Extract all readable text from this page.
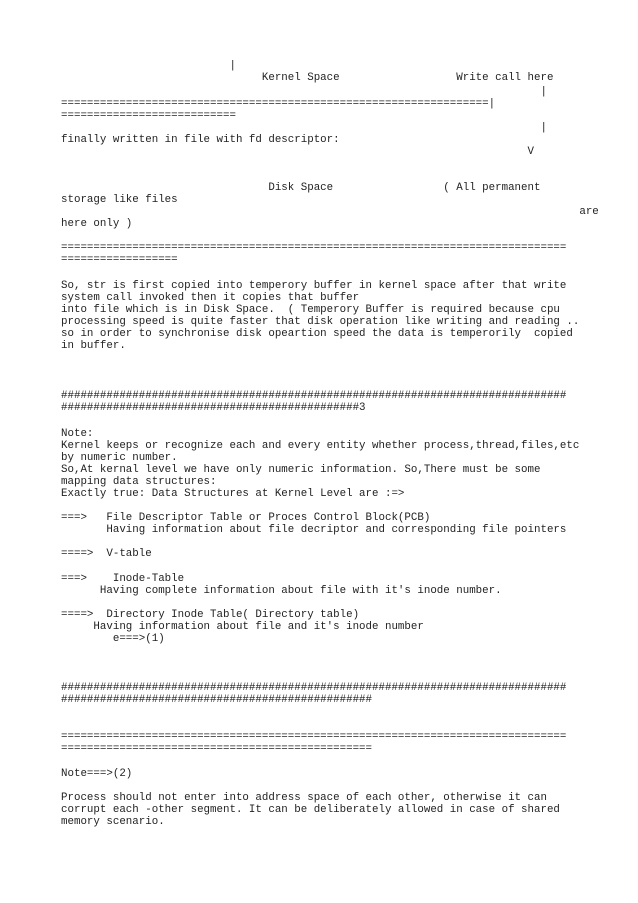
|

Kernel Space                  Write call here

|

==================================================================|

===========================

|

finally written in file with fd descriptor:

V

Disk Space                 ( All permanent

storage like files

are

here only )

==============================================================================

==================

So, str is first copied into temperory buffer in kernel space after that write

system call invoked then it copies that buffer

into file which is in Disk Space.  ( Temperory Buffer is required because cpu

processing speed is quite faster that disk operation like writing and reading ..

so in order to synchronise disk opeartion speed the data is temperorily  copied

in buffer.

##############################################################################

##############################################3

Note:

Kernel keeps or recognize each and every entity whether process,thread,files,etc

by numeric number.

So,At kernal level we have only numeric information. So,There must be some

mapping data structures:

Exactly true: Data Structures at Kernel Level are :=>

===>   File Descriptor Table or Proces Control Block(PCB)

Having information about file decriptor and corresponding file pointers

====>  V-table

===>    Inode-Table

Having complete information about file with it's inode number.

====>  Directory Inode Table( Directory table)

Having information about file and it's inode number

e===>(1)

##############################################################################

################################################

==============================================================================

================================================

Note===>(2)

Process should not enter into address space of each other, otherwise it can

corrupt each -other segment. It can be deliberately allowed in case of shared

memory scenario.
